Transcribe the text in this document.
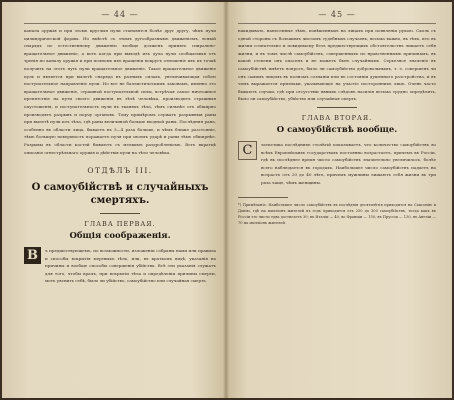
— 44 —

канала оружія и при этомъ круглыя пули становятся болѣе друг другу, чѣмъ пули цилиндрической формы. Но вмѣстѣ съ этимъ дугообразнымъ движеніемъ, всякій снарядъ по естественному движенію вообще долженъ принять спирально-вращательное движеніе, а вотъ когда при выходѣ изъ дула пули сообщаемыя отъ тренія по каналу оружія и при полномъ ихъ вращеніи вокругъ отношеніе ихъ къ точкѣ получить на этотъ путь пули вращательное движеніе. Такое вращательное движеніе пуль и является при вылетѣ снаряда въ разныхъ силахъ, увеличивающая собою поступательное направленіе пули. Но все не баллистическимъ законамъ, именно это вращательное движеніе, страшной поступательной силы, встрѣчая самое ничтожное препятствіе на пути своего движенія въ тѣлѣ человѣка, производитъ страшныя опустошенія, и поступательность пули въ тканяхъ тѣла, тѣмъ сильнѣе отъ обширно производятъ разрывъ и порчу органовъ. Тому примѣромъ служатъ разрывныя раны при вылетѣ пули изъ тѣла, гдѣ раны величиной больше входной раны. Послѣдняя рана, особенно въ области лица, бываетъ въ 3—4 раза больше, и чѣмъ ближе разстояніе, тѣмъ большую поверхность поражаетъ пуля при своемъ ударѣ и раны тѣмъ обширнѣе. Разрывы въ области костей бываютъ съ мелкимъ раздробленіемъ. Вотъ вкратцѣ описаніе огнестрѣльнаго оружія и дѣйствія пули на тѣло человѣка.

ОТДѢЛЪ III.
О самоубійствѣ и случайныхъ смертяхъ.
ГЛАВА ПЕРВАЯ.
Общія соображенія.
В	ъ предшествующемъ, по возможности, изложеніи собраны нами или правила и способы вскрытія мертвыхъ тѣлъ, или, въ краткомъ видѣ, указанія на причины и вообще способы совершенія убійства. Всѣ эти указанія служатъ для того, чтобы врачъ, при вскрытіи тѣла и опредѣленіи причины смерти, могъ уяснить себѣ, было ли убійство, самоубійство или случайная смерть.
— 45 —

накидывать, нанесенные тѣмъ, повѣшенныхъ на лицахъ при появленіи рукою. Сколь съ одной стороны съ большимъ числомъ судебныхъ случаевъ, весьма важно, въ тѣхъ, кто въ жизни сознательно и повидимому безъ предшествующихъ обстоятельствъ лишаетъ себя жизни, и въ томъ числѣ самоубійствъ, совершенныхъ по нравственнымъ причинамъ, въ какой степени онъ опасенъ и не можетъ быть случайнымъ. Серьезное значеніе въ самоубійствѣ имѣетъ вопросъ, было ли самоубійство добровольнымъ, т. е. совершенъ ли онъ самимъ лицомъ въ полномъ сознаніи или въ состояніи душевнаго разстройства, и въ чемъ выражается признаки, указывающіе на участіе постороннихъ лицъ. Очень часто бываютъ случаи, гдѣ при отсутствіи явныхъ слѣдовъ насилія весьма трудно опредѣлить, было ли самоубійство, убійство или случайная смерть.

ГЛАВА ВТОРАЯ.
О самоубійствѣ вообще.
С	татистика послѣднихъ столѣтій показываетъ, что количество самоубійствъ во всѣхъ Европейскихъ государствахъ постоянно возрастаетъ, причемъ въ Россіи, гдѣ въ послѣднее время число самоубійствъ значительно увеличилось, болѣе всего наблюдается въ городахъ. Наибольшее число самоубійствъ падаетъ на возрастъ отъ 20 до 40 лѣтъ, причемъ мужчины лишаютъ себя жизни въ три раза чаще, чѣмъ женщины.
*) Примѣчаніе. Наибольшее число самоубійствъ въ послѣднія десятилѣтія приходится на Саксонію и Данію, гдѣ на милліонъ жителей въ годъ приходится отъ 250 до 300 самоубійствъ, тогда какъ въ Россіи это число едва достигаетъ 30; въ Италіи — 40, во Франціи — 150, въ Пруссіи — 130, въ Англіи — 70 на милліонъ жителей.
